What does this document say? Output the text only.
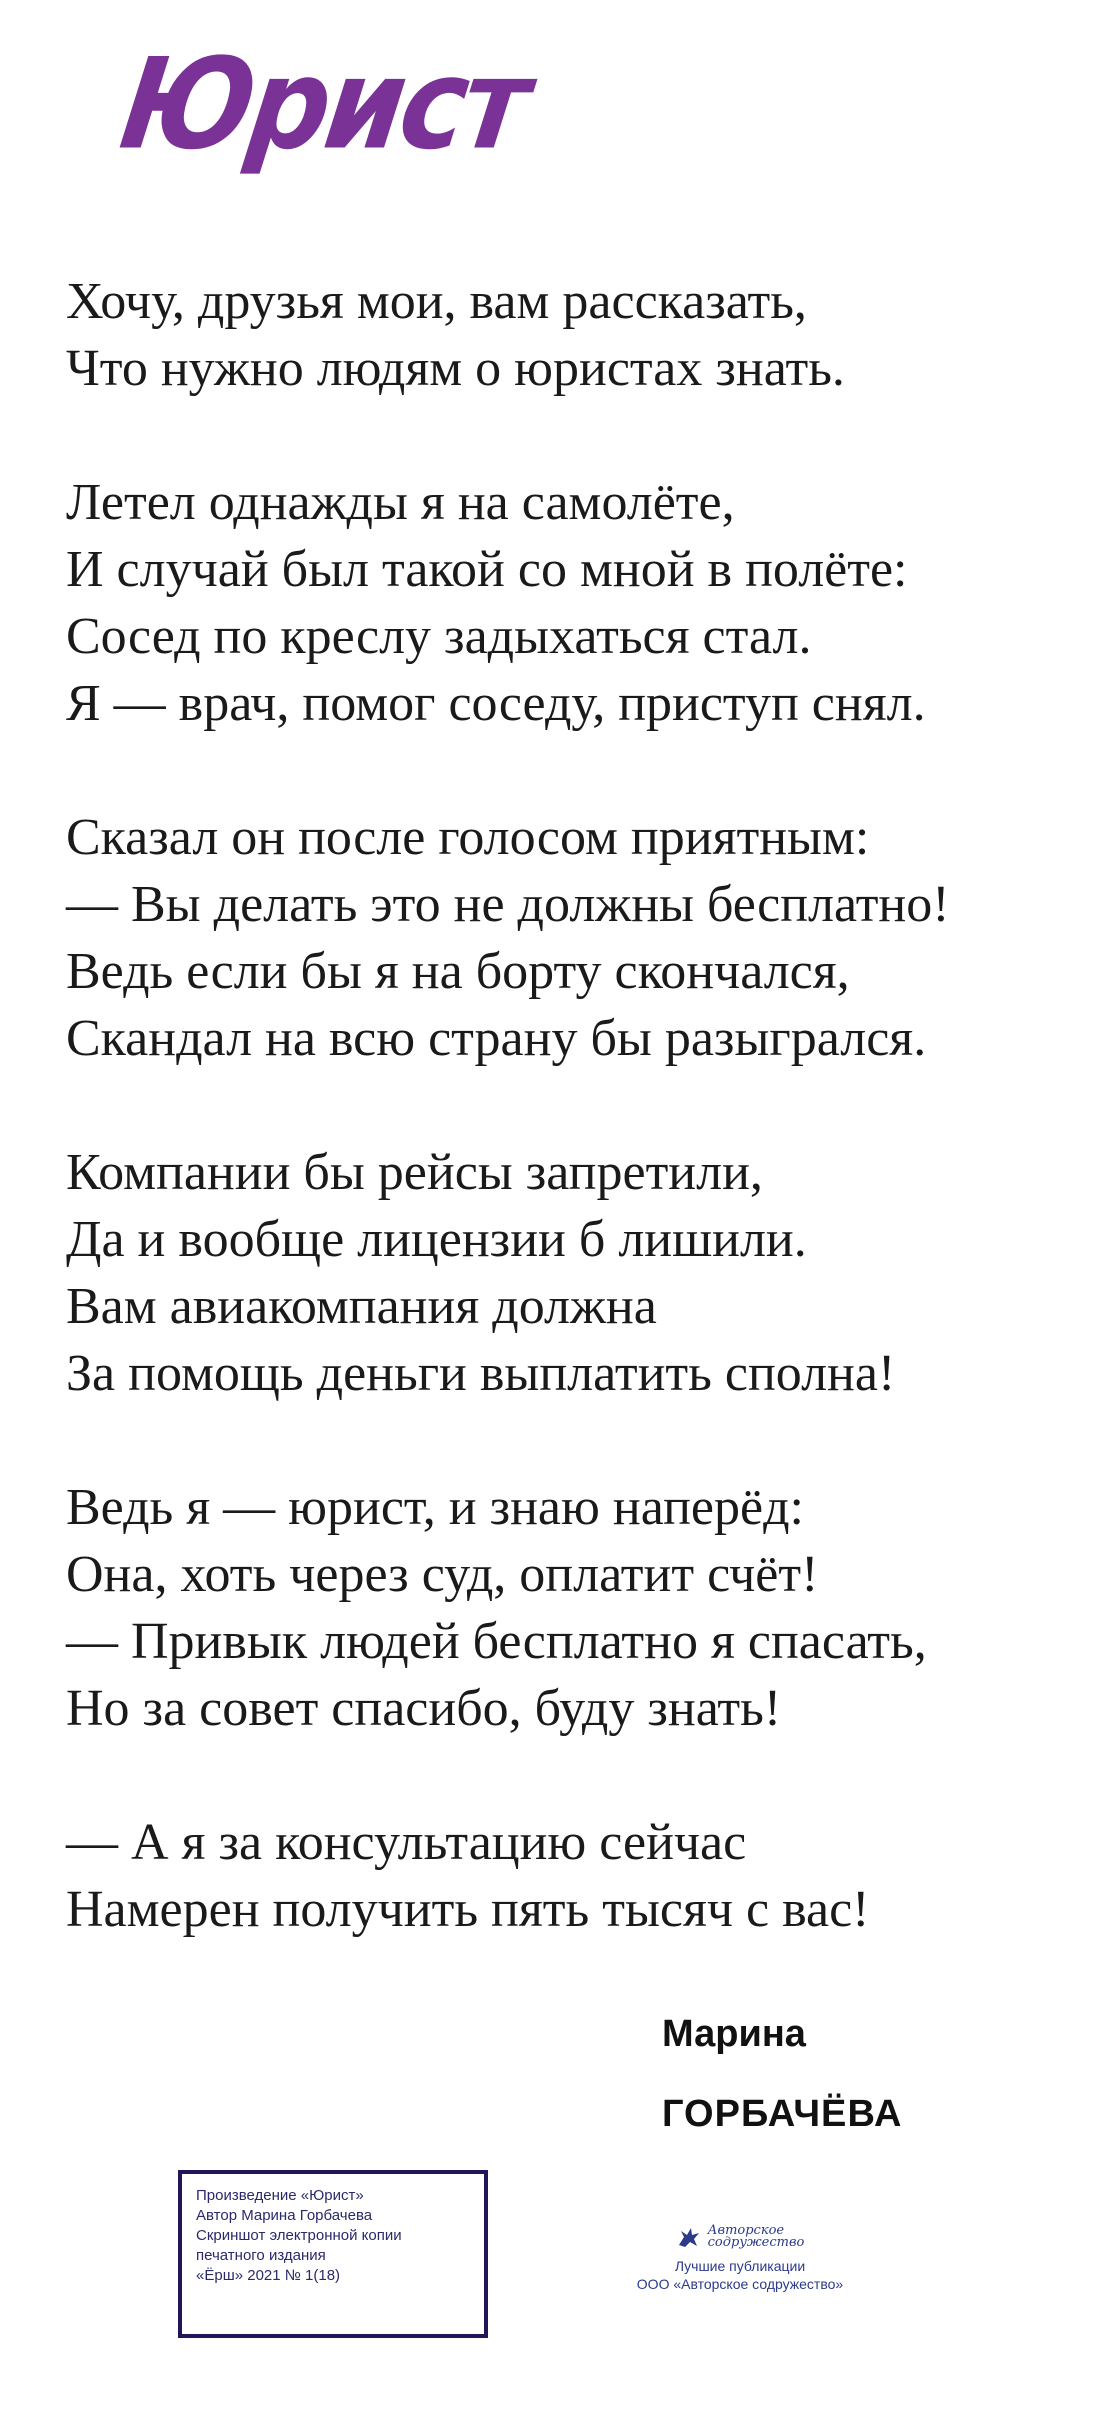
Юрист
Хочу, друзья мои, вам рассказать,
Что нужно людям о юристах знать.
Летел однажды я на самолёте,
И случай был такой со мной в полёте:
Сосед по креслу задыхаться стал.
Я — врач, помог соседу, приступ снял.
Сказал он после голосом приятным:
— Вы делать это не должны бесплатно!
Ведь если бы я на борту скончался,
Скандал на всю страну бы разыгрался.
Компании бы рейсы запретили,
Да и вообще лицензии б лишили.
Вам авиакомпания должна
За помощь деньги выплатить сполна!
Ведь я — юрист, и знаю наперёд:
Она, хоть через суд, оплатит счёт!
— Привык людей бесплатно я спасать,
Но за совет спасибо, буду знать!
— А я за консультацию сейчас
Намерен получить пять тысяч с вас!
Марина
ГОРБАЧЁВА
Произведение «Юрист»
Автор Марина Горбачева
Скриншот электронной копии
печатного издания
«Ёрш» 2021 № 1(18)
Авторское
содружество
Лучшие публикации
ООО «Авторское содружество»
